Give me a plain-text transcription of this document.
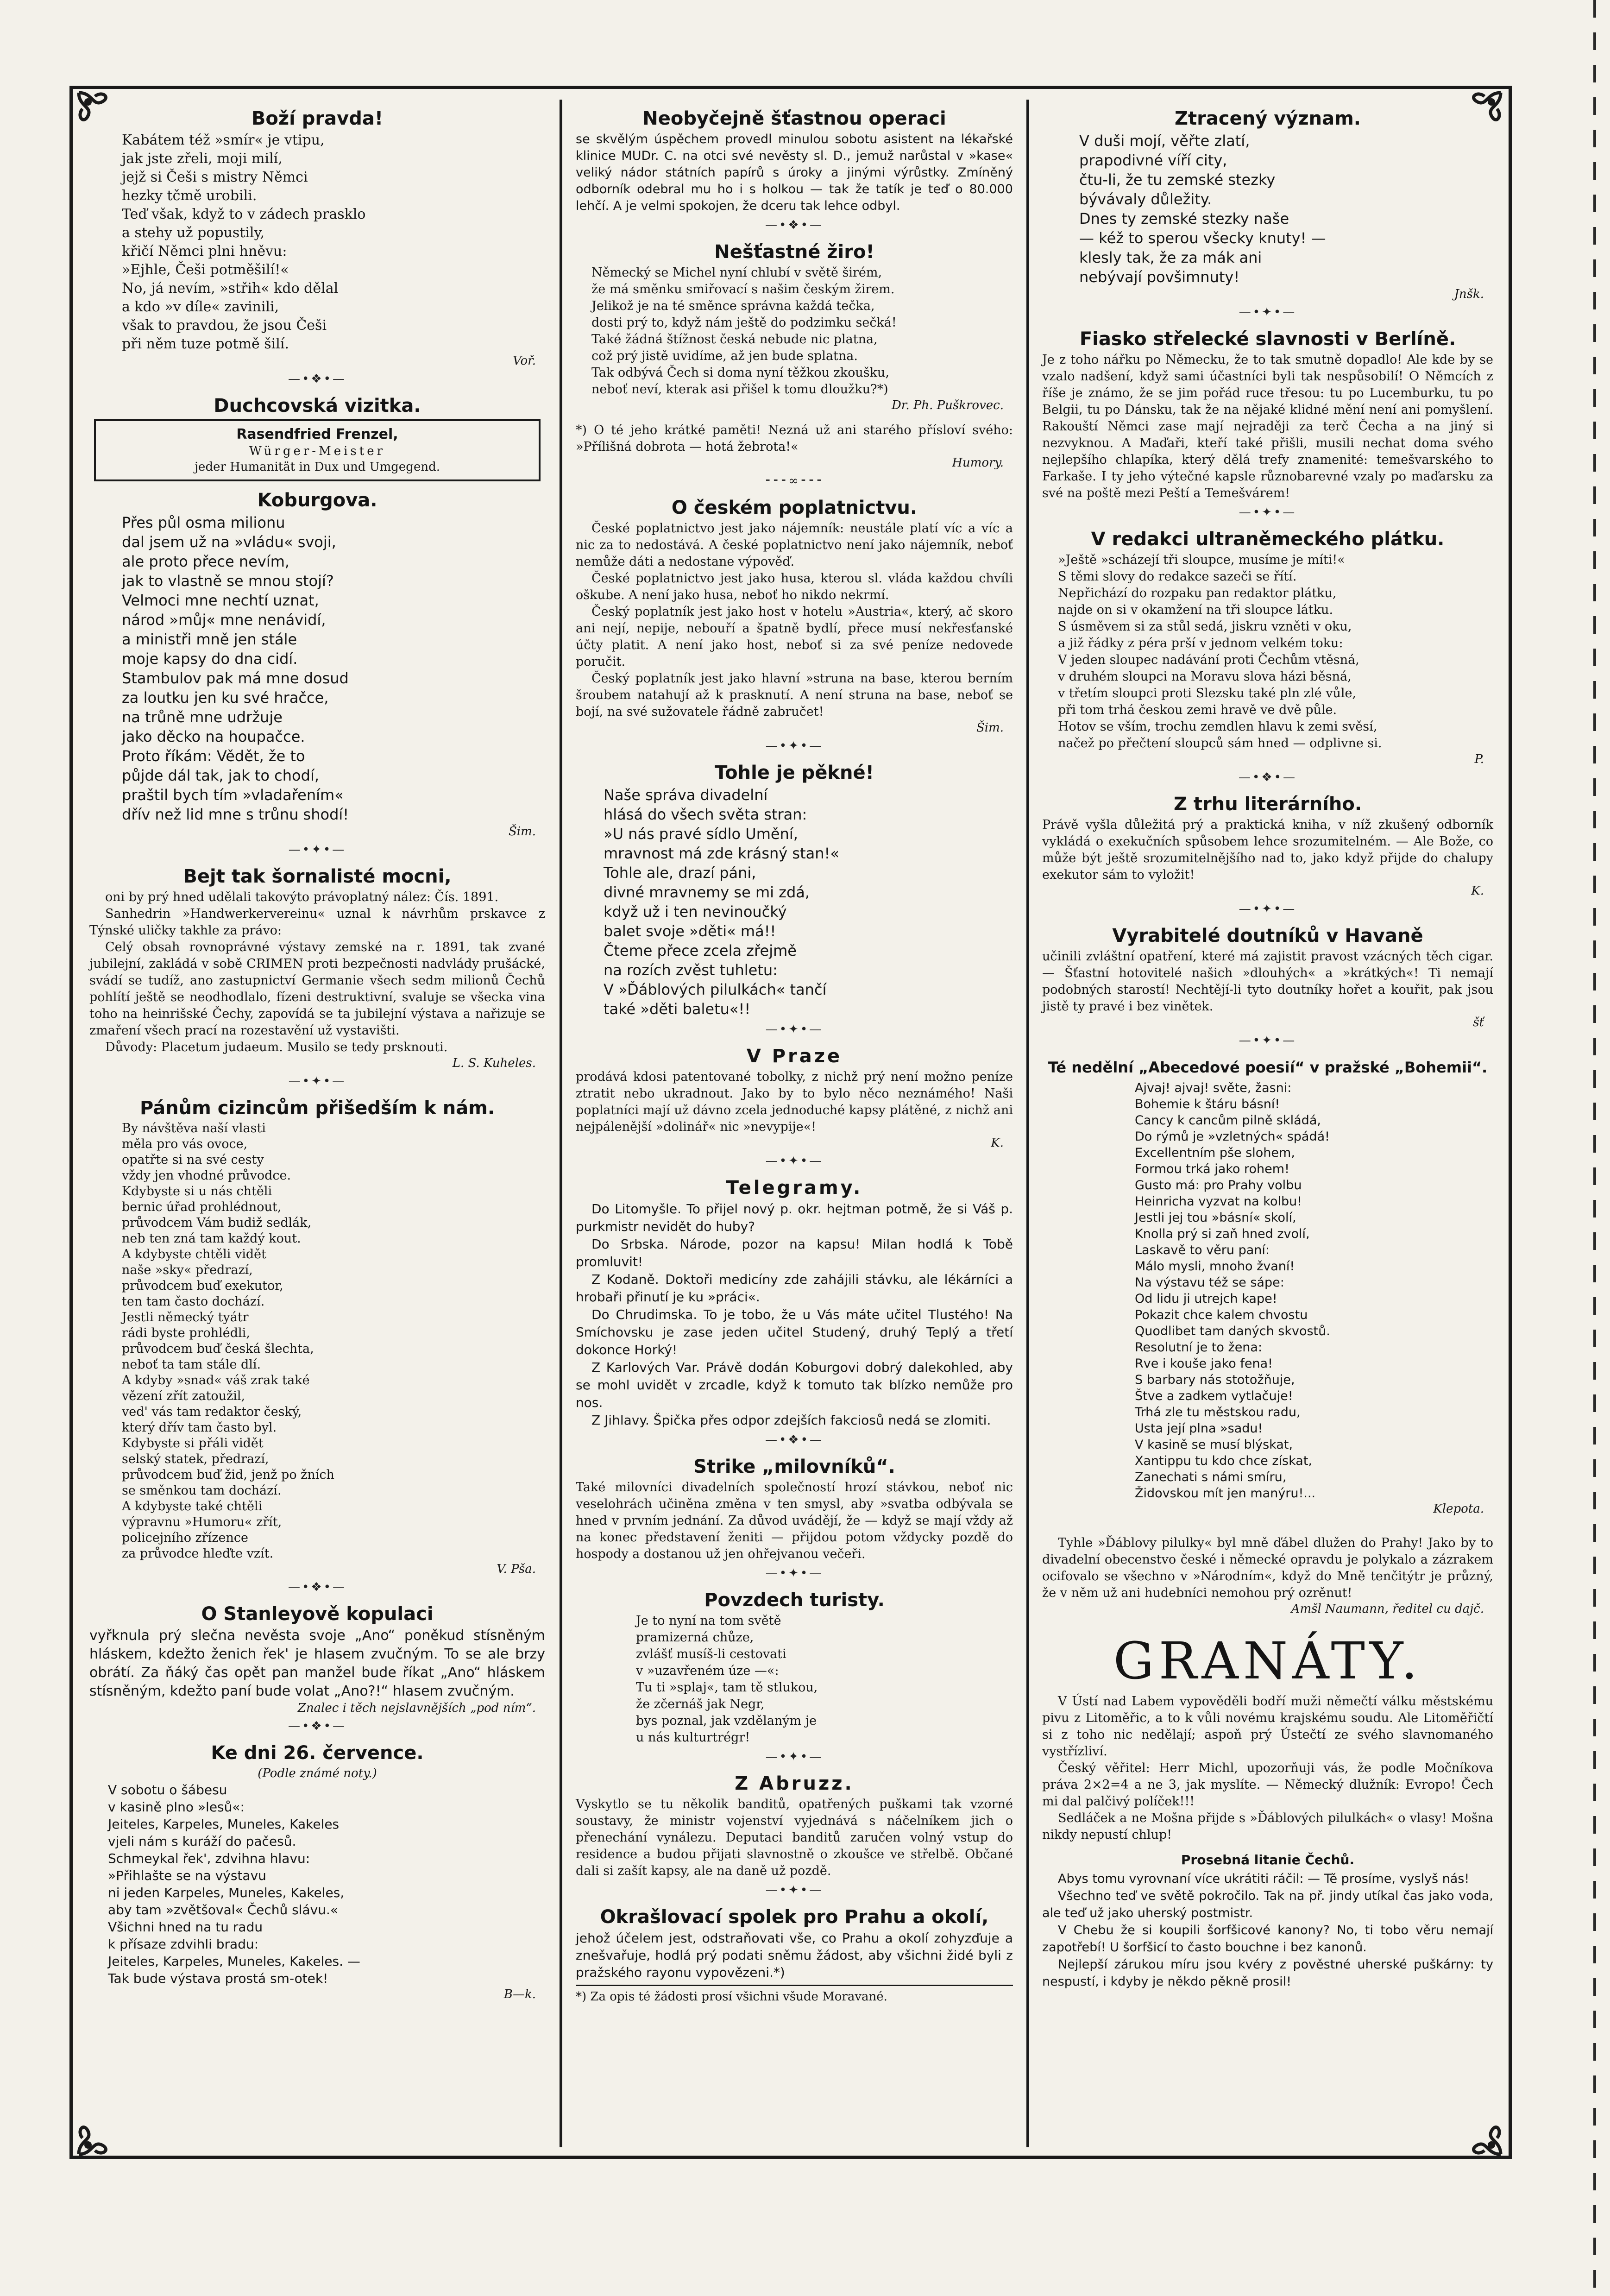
Boží pravda!
Kabátem též »smír« je vtipu,
jak jste zřeli, moji milí,
jejž si Češi s mistry Němci
hezky tčmě urobili.
Teď však, když to v zádech prasklo
a stehy už popustily,
křičí Němci plni hněvu:
»Ejhle, Češi potměšilí!«
No, já nevím, »střih« kdo dělal
a kdo »v díle« zavinili,
však to pravdou, že jsou Češi
při něm tuze potmě šilí.
Voř.
—•❖•—
Duchcovská vizitka.
Rasendfried Frenzel,
Würger-Meister
jeder Humanität in Dux und Umgegend.
Koburgova.
Přes půl osma milionu
dal jsem už na »vládu« svoji,
ale proto přece nevím,
jak to vlastně se mnou stojí?
Velmoci mne nechtí uznat,
národ »můj« mne nenávidí,
a ministři mně jen stále
moje kapsy do dna cidí.
Stambulov pak má mne dosud
za loutku jen ku své hračce,
na trůně mne udržuje
jako děcko na houpačce.
Proto říkám: Vědět, že to
půjde dál tak, jak to chodí,
praštil bych tím »vladařením«
dřív než lid mne s trůnu shodí!
Šim.
—•✦•—
Bejt tak šornalisté mocni,

oni by prý hned udělali takovýto právoplatný nález: Čís. 1891.

Sanhedrin »Handwerkervereinu« uznal k návrhům prskavce z Týnské uličky takhle za právo:

Celý obsah rovnoprávné výstavy zemské na r. 1891, tak zvané jubilejní, zakládá v sobě CRIMEN proti bezpečnosti nadvlády prušácké, svádí se tudíž, ano zastupnictví Germanie všech sedm milionů Čechů pohlítí ještě se neodhodlalo, fízeni destruktivní, svaluje se všecka vina toho na heinrišské Čechy, zapovídá se ta jubilejní výstava a nařizuje se zmaření všech prací na rozestavění už vystavišti.

Důvody: Placetum judaeum. Musilo se tedy prsknouti.

L. S. Kuheles.
—•✦•—
Pánům cizincům přišedším k nám.
By návštěva naší vlasti
měla pro vás ovoce,
opatřte si na své cesty
vždy jen vhodné průvodce.
Kdybyste si u nás chtěli
bernic úřad prohlédnout,
průvodcem Vám budiž sedlák,
neb ten zná tam každý kout.
A kdybyste chtěli vidět
naše »sky« předrazí,
průvodcem buď exekutor,
ten tam často dochází.
Jestli německý tyátr
rádi byste prohlédli,
průvodcem buď česká šlechta,
neboť ta tam stále dlí.
A kdyby »snad« váš zrak také
vězení zřít zatoužil,
ved' vás tam redaktor český,
který dřív tam často byl.
Kdybyste si přáli vidět
selský statek, předrazí,
průvodcem buď žid, jenž po žních
se směnkou tam dochází.
A kdybyste také chtěli
výpravnu »Humoru« zřít,
policejního zřízence
za průvodce hleďte vzít.
V. Pša.
—•❖•—
O Stanleyově kopulaci

vyřknula prý slečna nevěsta svoje „Ano“ poněkud stísněným hláskem, kdežto ženich řek' je hlasem zvučným. To se ale brzy obrátí. Za ňáký čas opět pan manžel bude říkat „Ano“ hláskem stísněným, kdežto paní bude volat „Ano?!“ hlasem zvučným.

Znalec i těch nejslavnějších „pod ním“.
—•❖•—
Ke dni 26. července.

(Podle známé noty.)

V sobotu o šábesu
v kasině plno »lesů«:
Jeiteles, Karpeles, Muneles, Kakeles
vjeli nám s kuráží do pačesů.
Schmeykal řek', zdvihna hlavu:
»Přihlašte se na výstavu
ni jeden Karpeles, Muneles, Kakeles,
aby tam »zvětšoval« Čechů slávu.«
Všichni hned na tu radu
k přísaze zdvihli bradu:
Jeiteles, Karpeles, Muneles, Kakeles. —
Tak bude výstava prostá sm-otek!
B—k.
Neobyčejně šťastnou operaci

se skvělým úspěchem provedl minulou sobotu asistent na lékařské klinice MUDr. C. na otci své nevěsty sl. D., jemuž narůstal v »kase« veliký nádor státních papírů s úroky a jinými výrůstky. Zmíněný odborník odebral mu ho i s holkou — tak že tatík je teď o 80.000 lehčí. A je velmi spokojen, že dceru tak lehce odbyl.

—•❖•—
Nešťastné žiro!

Německý se Michel nyní chlubí v světě širém,

že má směnku smiřovací s našim českým žirem.

Jelikož je na té směnce správna každá tečka,

dosti prý to, když nám ještě do podzimku sečká!

Také žádná štížnost česká nebude nic platna,

což prý jistě uvidíme, až jen bude splatna.

Tak odbývá Čech si doma nyní těžkou zkoušku,

neboť neví, kterak asi přišel k tomu dloužku?*)

Dr. Ph. Puškrovec.

*) O té jeho krátké paměti! Nezná už ani starého přísloví svého: »Přílišná dobrota — hotá žebrota!«

Humory.
⁃⁃⁃∞⁃⁃⁃
O českém poplatnictvu.

České poplatnictvo jest jako nájemník: neustále platí víc a víc a nic za to nedostává. A české poplatnictvo není jako nájemník, neboť nemůže dáti a nedostane výpověď.

České poplatnictvo jest jako husa, kterou sl. vláda každou chvíli oškube. A není jako husa, neboť ho nikdo nekrmí.

Český poplatník jest jako host v hotelu »Austria«, který, ač skoro ani nejí, nepije, nebouří a špatně bydlí, přece musí nekřesťanské účty platit. A není jako host, neboť si za své peníze nedovede poručit.

Český poplatník jest jako hlavní »struna na base, kterou berním šroubem natahují až k prasknutí. A není struna na base, neboť se bojí, na své sužovatele řádně zabručet!

Šim.
—•✦•—
Tohle je pěkné!
Naše správa divadelní
hlásá do všech světa stran:
»U nás pravé sídlo Umění,
mravnost má zde krásný stan!«
Tohle ale, drazí páni,
divné mravnemy se mi zdá,
když už i ten nevinoučký
balet svoje »děti« má!!
Čteme přece zcela zřejmě
na rozích zvěst tuhletu:
V »Ďáblových pilulkách« tančí
také »děti baletu«!!
—•✦•—
V Praze

prodává kdosi patentované tobolky, z nichž prý není možno peníze ztratit nebo ukradnout. Jako by to bylo něco neznámého! Naši poplatníci mají už dávno zcela jednoduché kapsy plátěné, z nichž ani nejpálenější »dolinář« nic »nevypije«!

K.
—•✦•—
Telegramy.

Do Litomyšle. To přijel nový p. okr. hejtman potmě, že si Váš p. purkmistr nevidět do huby?

Do Srbska. Národe, pozor na kapsu! Milan hodlá k Tobě promluvit!

Z Kodaně. Doktoři medicíny zde zahájili stávku, ale lékárníci a hrobaři přinutí je ku »práci«.

Do Chrudimska. To je tobo, že u Vás máte učitel Tlustého! Na Smíchovsku je zase jeden učitel Studený, druhý Teplý a třetí dokonce Horký!

Z Karlových Var. Právě dodán Koburgovi dobrý dalekohled, aby se mohl uvidět v zrcadle, když k tomuto tak blízko nemůže pro nos.

Z Jihlavy. Špička přes odpor zdejších fakciosů nedá se zlomiti.

—•❖•—
Strike „milovníků“.

Také milovníci divadelních společností hrozí stávkou, neboť nic veselohrách učiněna změna v ten smysl, aby »svatba odbývala se hned v prvním jednání. Za důvod uvádějí, že — když se mají vždy až na konec představení ženiti — přijdou potom vždycky pozdě do hospody a dostanou už jen ohřejvanou večeři.

—•✦•—
Povzdech turisty.
Je to nyní na tom světě
pramizerná chůze,
zvlášť musíš-li cestovati
v »uzavřeném úze —«:
Tu ti »splaj«, tam tě stlukou,
že zčernáš jak Negr,
bys poznal, jak vzdělaným je
u nás kulturtrégr!
—•✦•—
Z Abruzz.

Vyskytlo se tu několik banditů, opatřených puškami tak vzorné soustavy, že ministr vojenství vyjednává s náčelníkem jich o přenechání vynálezu. Deputaci banditů zaručen volný vstup do residence a budou přijati slavnostně o zkoušce ve střelbě. Občané dali si zašít kapsy, ale na daně už pozdě.

—•✦•—
Okrašlovací spolek pro Prahu a okolí,

jehož účelem jest, odstraňovati vše, co Prahu a okolí zohyzďuje a znešvařuje, hodlá prý podati sněmu žádost, aby všichni židé byli z pražského rayonu vypovězeni.*)

*) Za opis té žádosti prosí všichni všude Moravané.

Ztracený význam.
V duši mojí, věřte zlatí,
prapodivné víří city,
čtu-li, že tu zemské stezky
bývávaly důležity.
Dnes ty zemské stezky naše
— kéž to sperou všecky knuty! —
klesly tak, že za mák ani
nebývají povšimnuty!
Jnšk.
—•✦•—
Fiasko střelecké slavnosti v Berlíně.

Je z toho nářku po Německu, že to tak smutně dopadlo! Ale kde by se vzalo nadšení, když sami účastníci byli tak nespůsobilí! O Němcích z říše je známo, že se jim pořád ruce třesou: tu po Lucemburku, tu po Belgii, tu po Dánsku, tak že na nějaké klidné mění není ani pomyšlení. Rakouští Němci zase mají nejraději za terč Čecha a na jiný si nezvyknou. A Maďaři, kteří také přišli, musili nechat doma svého nejlepšího chlapíka, který dělá trefy znamenité: temešvarského to Farkaše. I ty jeho výtečné kapsle různobarevné vzaly po maďarsku za své na poště mezi Peští a Temešvárem!

—•✦•—
V redakci ultraněmeckého plátku.

»Ještě »scházejí tři sloupce, musíme je míti!«

S těmi slovy do redakce sazeči se řítí.

Nepřichází do rozpaku pan redaktor plátku,

najde on si v okamžení na tři sloupce látku.

S úsměvem si za stůl sedá, jiskru vzněti v oku,

a již řádky z péra prší v jednom velkém toku:

V jeden sloupec nadávání proti Čechům vtěsná,

v druhém sloupci na Moravu slova házi běsná,

v třetím sloupci proti Slezsku také pln zlé vůle,

při tom trhá českou zemi hravě ve dvě půle.

Hotov se vším, trochu zemdlen hlavu k zemi svěsí,

načež po přečtení sloupců sám hned — odplivne si.

P.
—•❖•—
Z trhu literárního.

Právě vyšla důležitá prý a praktická kniha, v níž zkušený odborník vykládá o exekučních spůsobem lehce srozumitelném. — Ale Bože, co může být ještě srozumitelnějšího nad to, jako když přijde do chalupy exekutor sám to vyložit!

K.
—•✦•—
Vyrabitelé doutníků v Havaně

učinili zvláštní opatření, které má zajistit pravost vzácných těch cigar. — Šťastní hotovitelé našich »dlouhých« a »krátkých«! Ti nemají podobných starostí! Nechtějí-li tyto doutníky hořet a kouřit, pak jsou jistě ty pravé i bez vinětek.

šť
—•✦•—
Té nedělní „Abecedové poesií“ v pražské „Bohemii“.
Ajvaj! ajvaj! světe, žasni:
Bohemie k štáru básní!
Cancy k cancům pilně skládá,
Do rýmů je »vzletných« spádá!
Excellentním pše slohem,
Formou trká jako rohem!
Gusto má: pro Prahy volbu
Heinricha vyzvat na kolbu!
Jestli jej tou »básní« skolí,
Knolla prý si zaň hned zvolí,
Laskavě to věru paní:
Málo mysli, mnoho žvaní!
Na výstavu též se sápe:
Od lidu ji utrejch kape!
Pokazit chce kalem chvostu
Quodlibet tam daných skvostů.
Resolutní je to žena:
Rve i kouše jako fena!
S barbary nás stotožňuje,
Štve a zadkem vytlačuje!
Trhá zle tu městskou radu,
Usta její plna »sadu!
V kasině se musí blýskat,
Xantippu tu kdo chce získat,
Zanechati s námi smíru,
Židovskou mít jen manýru!...
Klepota.

Tyhle »Ďáblovy pilulky« byl mně ďábel dlužen do Prahy! Jako by to divadelní obecenstvo české i německé opravdu je polykalo a zázrakem ocifovalo se všechno v »Národním«, když do Mně tenčitýtr je průzný, že v něm už ani hudebníci nemohou prý ozrěnut!

Amšl Naumann, ředitel cu dajč.
GRANÁTY.

V Ústí nad Labem vypověděli bodří muži němečtí válku městskému pivu z Litoměřic, a to k vůli novému krajskému soudu. Ale Litoměřičtí si z toho nic nedělají; aspoň prý Ústečtí ze svého slavnomaného vystřízliví.

Český věřitel: Herr Michl, upozorňuji vás, že podle Močníkova práva 2×2=4 a ne 3, jak myslíte. — Německý dlužník: Evropo! Čech mi dal palčivý políček!!!

Sedláček a ne Mošna přijde s »Ďáblových pilulkách« o vlasy! Mošna nikdy nepustí chlup!

Prosebná litanie Čechů.

Abys tomu vyrovnaní více ukrátiti ráčil: — Tě prosíme, vyslyš nás!

Všechno teď ve světě pokročilo. Tak na př. jindy utíkal čas jako voda, ale teď už jako uherský postmistr.

V Chebu že si koupili šorfšicové kanony? No, ti tobo věru nemají zapotřebí! U šorfšicí to často bouchne i bez kanonů.

Nejlepší zárukou míru jsou kvéry z pověstné uherské puškárny: ty nespustí, i kdyby je někdo pěkně prosil!
